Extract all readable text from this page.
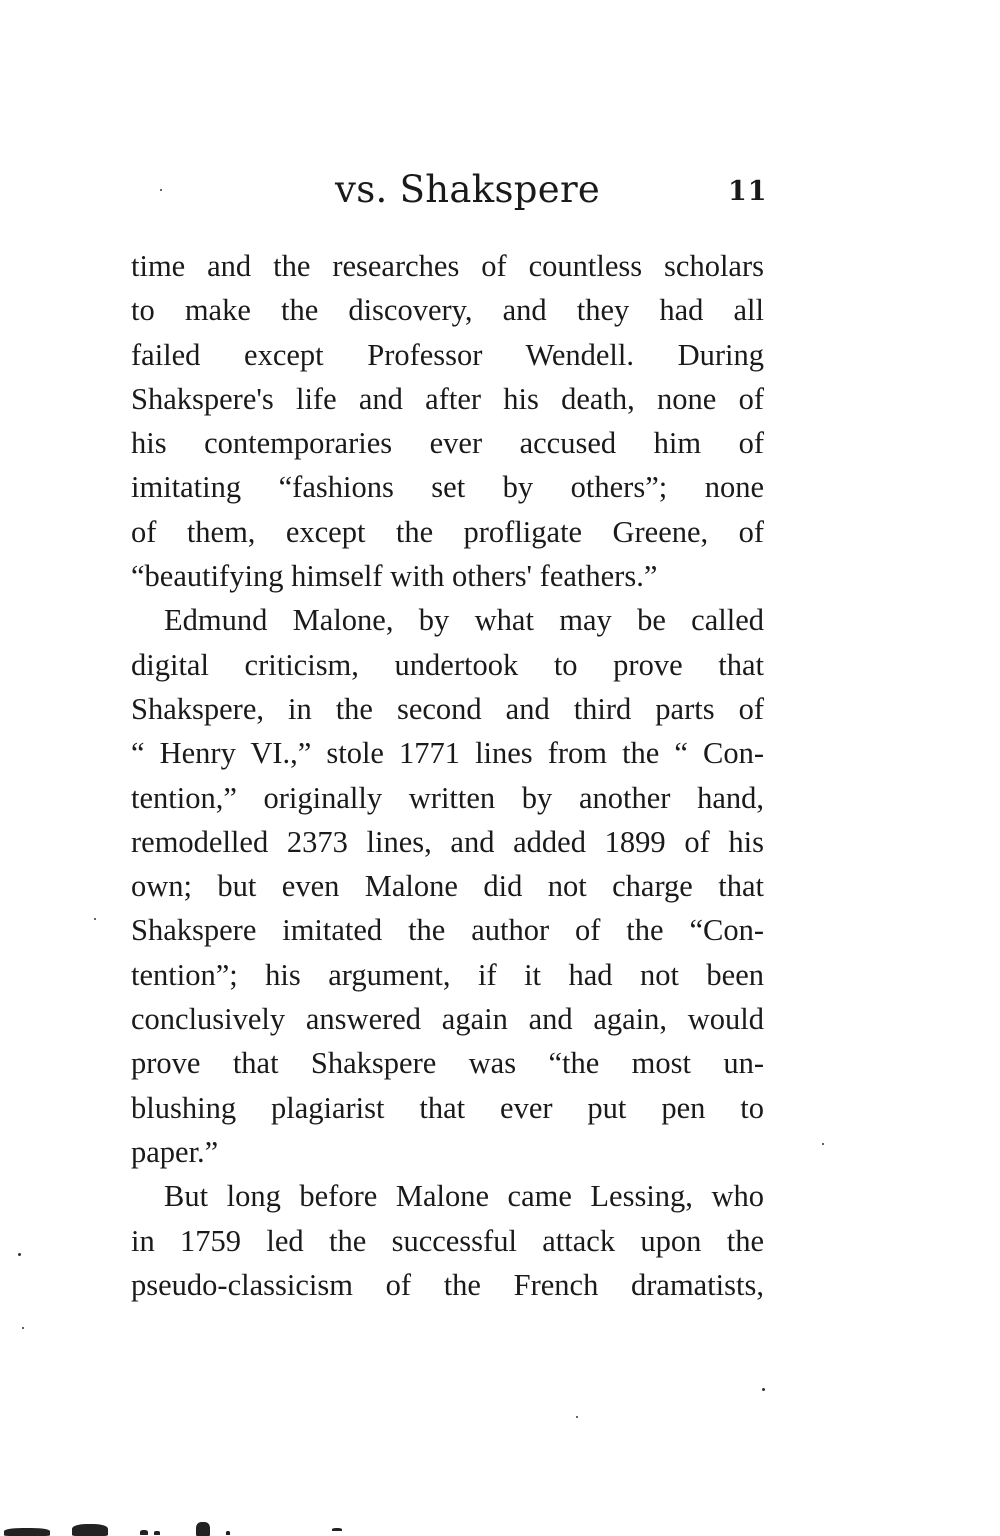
vs. Shakspere	11
time and the researches of countless scholars
to make the discovery, and they had all
failed except Professor Wendell. During
Shakspere's life and after his death, none of
his contemporaries ever accused him of
imitating “fashions set by others”; none
of them, except the profligate Greene, of
“beautifying himself with others' feathers.”
Edmund Malone, by what may be called
digital criticism, undertook to prove that
Shakspere, in the second and third parts of
“ Henry VI.,” stole 1771 lines from the “ Con-
tention,” originally written by another hand,
remodelled 2373 lines, and added 1899 of his
own; but even Malone did not charge that
Shakspere imitated the author of the “Con-
tention”; his argument, if it had not been
conclusively answered again and again, would
prove that Shakspere was “the most un-
blushing plagiarist that ever put pen to
paper.”
But long before Malone came Lessing, who
in 1759 led the successful attack upon the
pseudo-classicism of the French dramatists,
